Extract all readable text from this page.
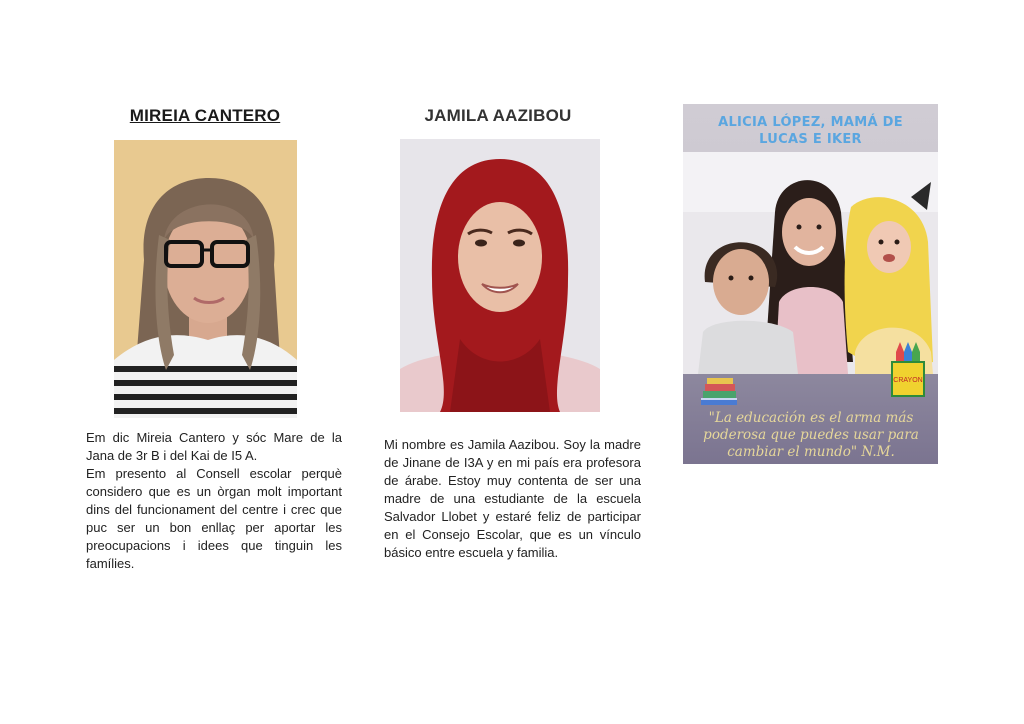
MIREIA CANTERO

Em dic Mireia Cantero y sóc Mare de la Jana de 3r B i del Kai de I5 A.

Em presento al Consell escolar perquè considero que es un òrgan molt important dins del funcionament del centre i crec que puc ser un bon enllaç per aportar les preocupacions i idees que tinguin les famílies.

JAMILA AAZIBOU

Mi nombre es Jamila Aazibou. Soy la madre de Jinane de I3A y en mi país era profesora de árabe. Estoy muy contenta de ser una madre de una estudiante de la escuela Salvador Llobet y estaré feliz de participar en el Consejo Escolar, que es un vínculo básico entre escuela y familia.

ALICIA LÓPEZ, MAMÁ DE
LUCAS E IKER
CRAYON
"La educación es el arma más poderosa que puedes usar para cambiar el mundo" N.M.
